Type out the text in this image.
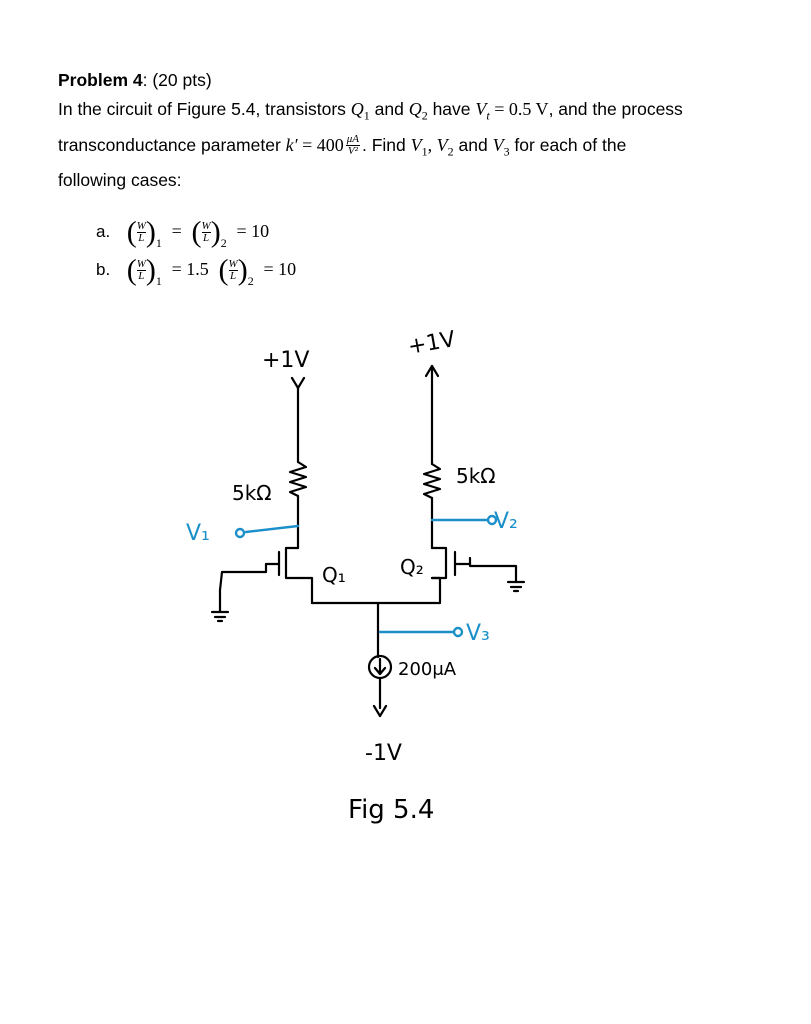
Problem 4: (20 pts)
In the circuit of Figure 5.4, transistors $Q_1$ and $Q_2$ have $V_t = 0.5$ V, and the process
transconductance parameter $k' = 400 \frac{\mu A}{\text{V²}}$ . Find $V_1$, $V_2$ and $V_3$ for each of the
following cases:
a. ( $\frac{W}{L})_1$ = ( $\frac{W}{L})_2 = 10$
b. ( $\frac{W}{L})_1 = 1.5$ ( $\frac{W}{L})_2 = 10$
+1V
+1V
5kΩ
5kΩ
Q₁	Q₂
200μA
-1V
Fig 5.4
V₁	V₂
V₃
